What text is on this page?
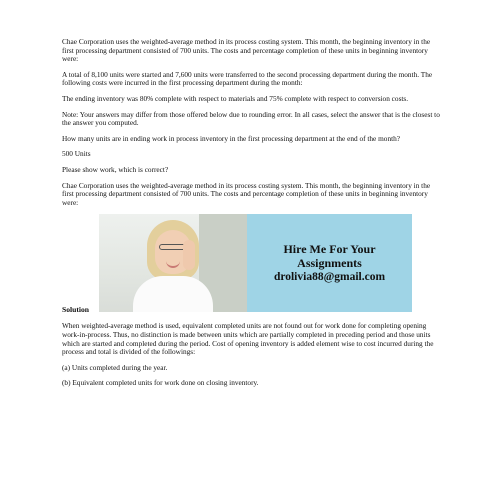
Chae Corporation uses the weighted-average method in its process costing system. This month, the beginning inventory in the first processing department consisted of 700 units. The costs and percentage completion of these units in beginning inventory were:

A total of 8,100 units were started and 7,600 units were transferred to the second processing department during the month. The following costs were incurred in the first processing department during the month:

The ending inventory was 80% complete with respect to materials and 75% complete with respect to conversion costs.

Note: Your answers may differ from those offered below due to rounding error. In all cases, select the answer that is the closest to the answer you computed.

How many units are in ending work in process inventory in the first processing department at the end of the month?

500 Units

Please show work, which is correct?

Chae Corporation uses the weighted-average method in its process costing system. This month, the beginning inventory in the first processing department consisted of 700 units. The costs and percentage completion of these units in beginning inventory were:

Solution
Hire Me For Your
Assignments
drolivia88@gmail.com

When weighted-average method is used, equivalent completed units are not found out for work done for completing opening work-in-process. Thus, no distinction is made between units which are partially completed in preceding period and those units which are started and completed during the period. Cost of opening inventory is added element wise to cost incurred during the process and total is divided of the followings:

(a) Units completed during the year.

(b) Equivalent completed units for work done on closing inventory.
